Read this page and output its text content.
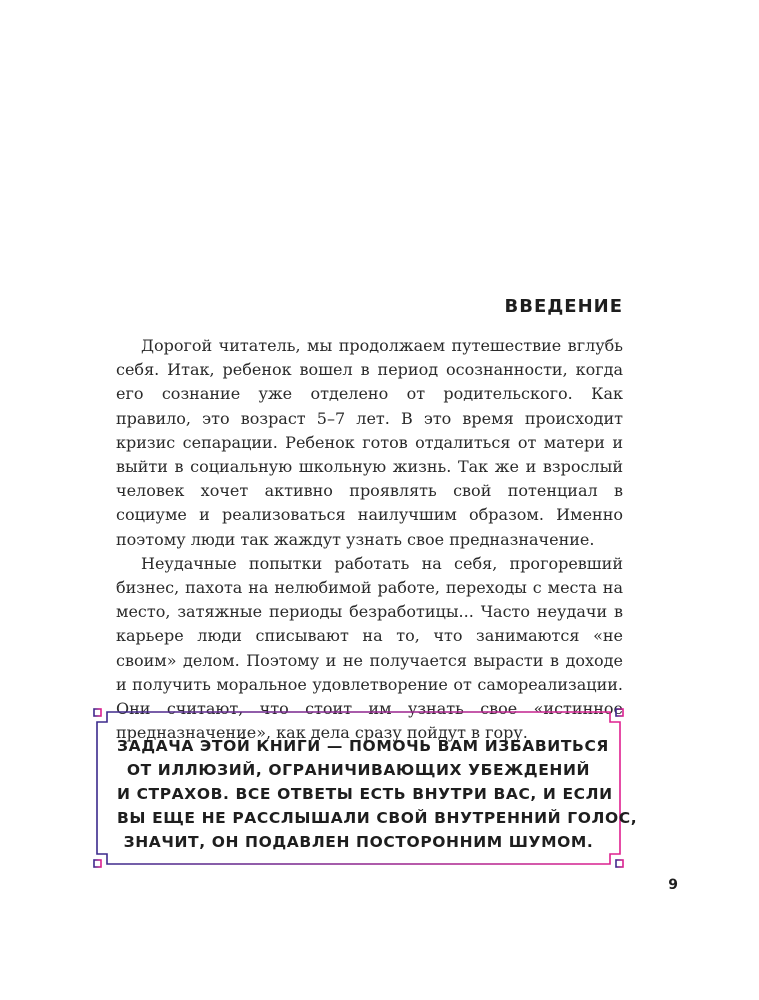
ВВЕДЕНИЕ

Дорогой читатель, мы продолжаем путешествие вглубь себя. Итак, ребенок вошел в период осознанности, когда его сознание уже отделено от родительского. Как правило, это возраст 5–7 лет. В это время происходит кризис сепарации. Ребенок готов отдалиться от матери и выйти в социальную школьную жизнь. Так же и взрослый человек хочет активно проявлять свой потенциал в социуме и реализоваться наилучшим образом. Именно поэтому люди так жаждут узнать свое предназначение.

Неудачные попытки работать на себя, прогоревший бизнес, пахота на нелюбимой работе, переходы с места на место, затяжные периоды безработицы... Часто неудачи в карьере люди списывают на то, что занимаются «не своим» делом. Поэтому и не получается вырасти в доходе и получить моральное удовлетворение от самореализации. Они считают, что стоит им узнать свое «истинное предназначение», как дела сразу пойдут в гору.

ЗАДАЧА ЭТОЙ КНИГИ — ПОМОЧЬ ВАМ ИЗБАВИТЬСЯ
ОТ ИЛЛЮЗИЙ, ОГРАНИЧИВАЮЩИХ УБЕЖДЕНИЙ
И СТРАХОВ. ВСЕ ОТВЕТЫ ЕСТЬ ВНУТРИ ВАС, И ЕСЛИ
ВЫ ЕЩЕ НЕ РАССЛЫШАЛИ СВОЙ ВНУТРЕННИЙ ГОЛОС,
ЗНАЧИТ, ОН ПОДАВЛЕН ПОСТОРОННИМ ШУМОМ.
9
